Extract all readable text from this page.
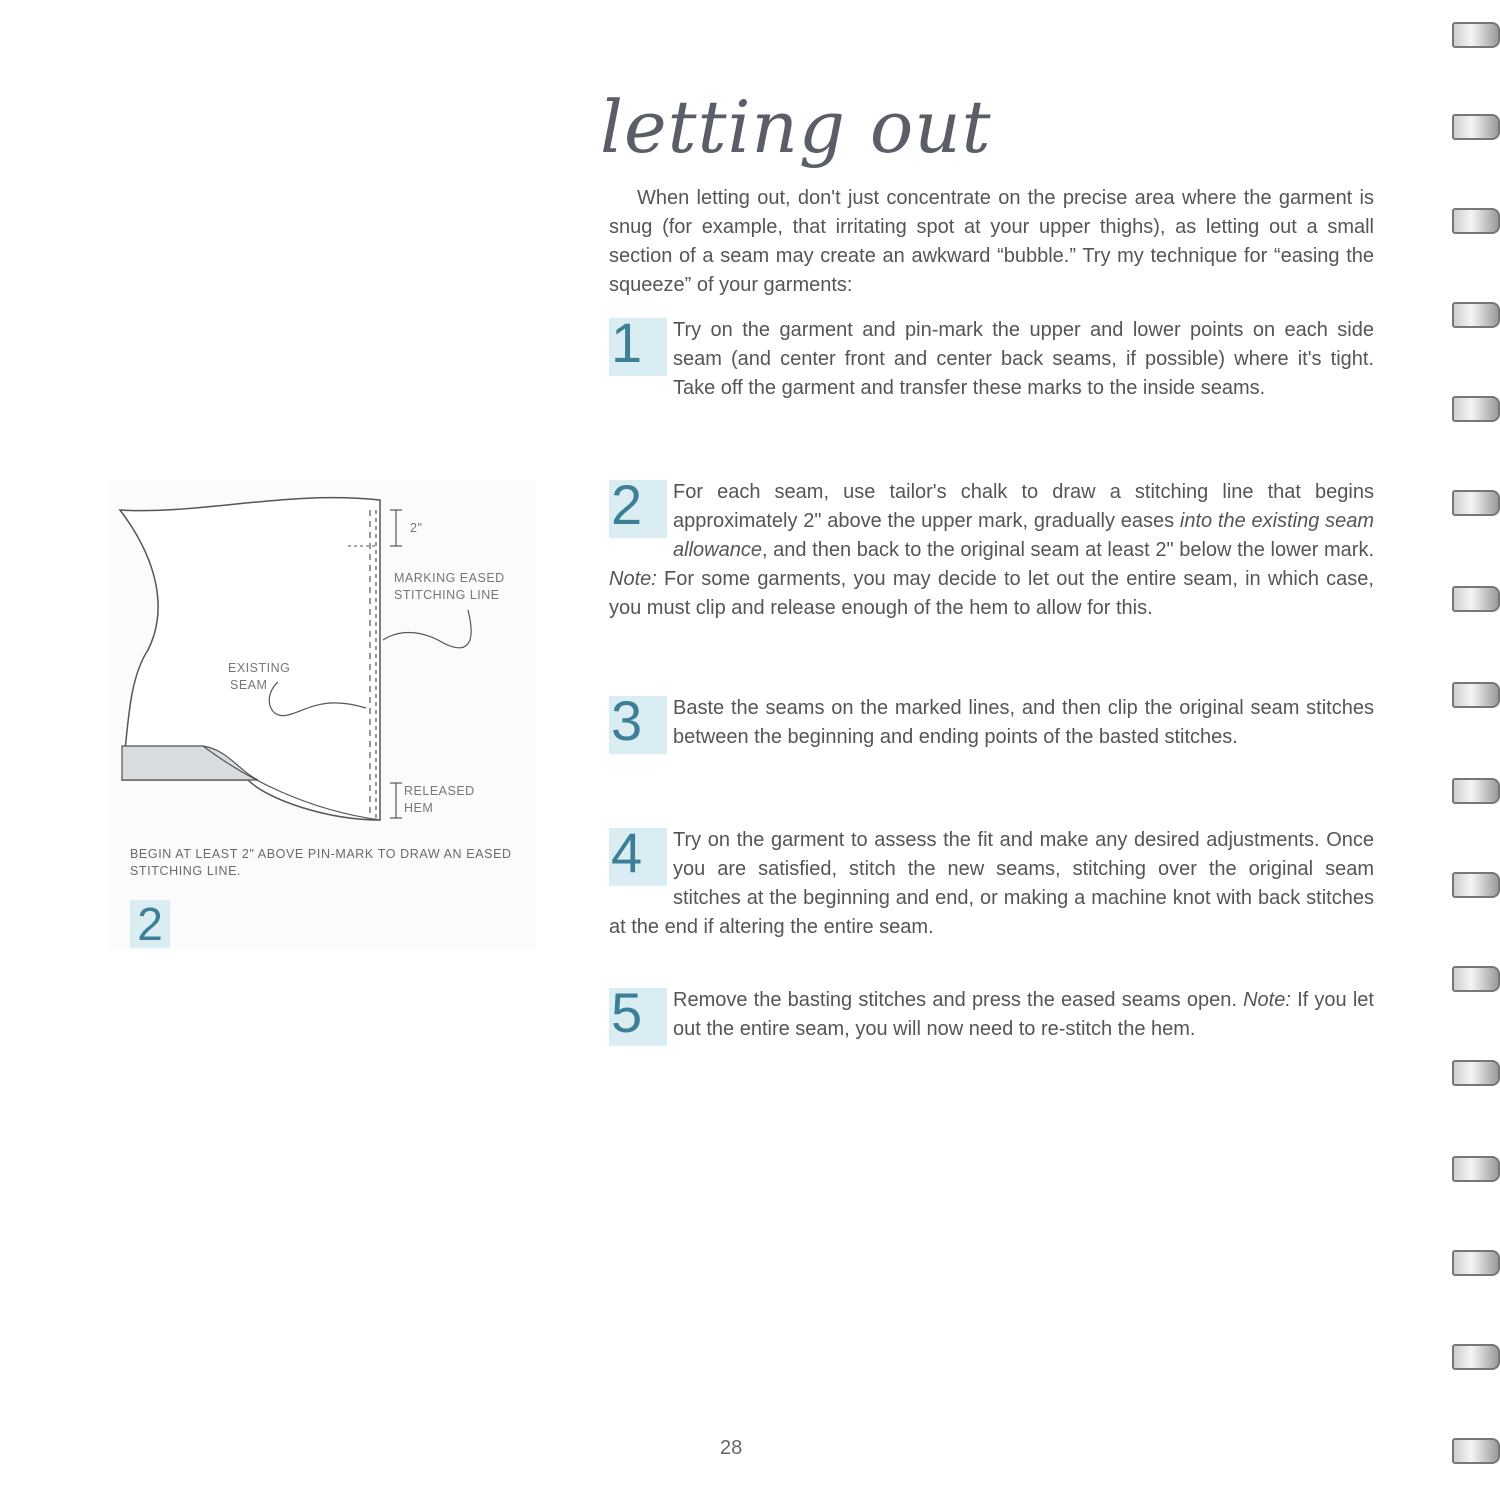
letting out
When letting out, don't just concentrate on the precise area where the garment is snug (for example, that irritating spot at your upper thighs), as letting out a small section of a seam may create an awkward “bubble.” Try my technique for “easing the squeeze” of your garments:
1	Try on the garment and pin-mark the upper and lower points on each side seam (and center front and center back seams, if possible) where it's tight. Take off the garment and transfer these marks to the inside seams.
2	For each seam, use tailor's chalk to draw a stitching line that begins approximately 2" above the upper mark, gradually eases into the existing seam allowance, and then back to the original seam at least 2" below the lower mark. Note: For some garments, you may decide to let out the entire seam, in which case, you must clip and release enough of the hem to allow for this.
3	Baste the seams on the marked lines, and then clip the original seam stitches between the beginning and ending points of the basted stitches.
4	Try on the garment to assess the fit and make any desired adjustments. Once you are satisfied, stitch the new seams, stitching over the original seam stitches at the beginning and end, or making a machine knot with back stitches at the end if altering the entire seam.
5	Remove the basting stitches and press the eased seams open. Note: If you let out the entire seam, you will now need to re-stitch the hem.
2"
MARKING EASED
STITCHING LINE
EXISTING
SEAM
RELEASED
HEM
BEGIN AT LEAST 2" ABOVE PIN-MARK TO DRAW AN EASED STITCHING LINE.
2
28
